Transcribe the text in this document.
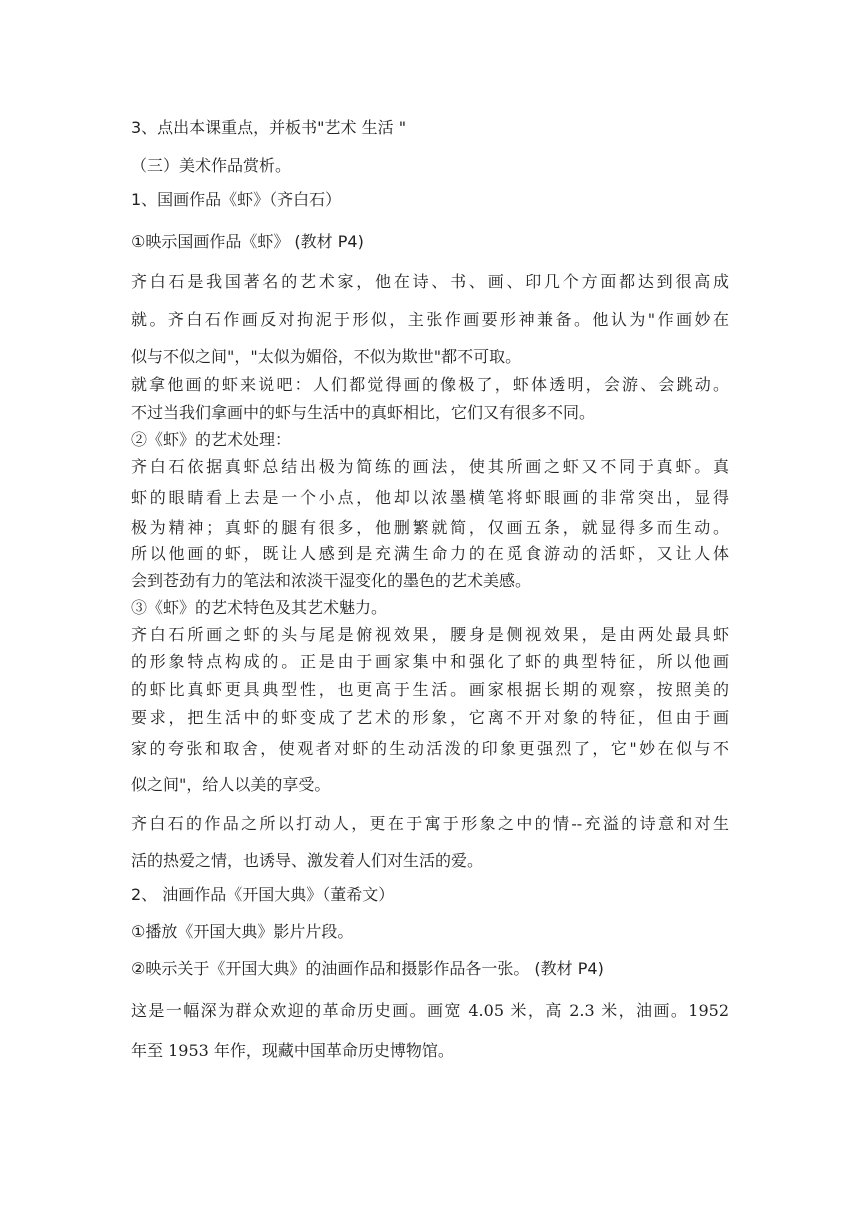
3、点出本课重点，并板书"艺术 生活 "

（三）美术作品赏析。

1、国画作品《虾》（齐白石）

①映示国画作品《虾》 (教材 P4)

齐白石是我国著名的艺术家，他在诗、书、画、印几个方面都达到很高成

就。齐白石作画反对拘泥于形似，主张作画要形神兼备。他认为"作画妙在

似与不似之间"，"太似为媚俗，不似为欺世"都不可取。

就拿他画的虾来说吧：人们都觉得画的像极了，虾体透明，会游、会跳动。

不过当我们拿画中的虾与生活中的真虾相比，它们又有很多不同。

②《虾》的艺术处理：

齐白石依据真虾总结出极为简练的画法，使其所画之虾又不同于真虾。真

虾的眼睛看上去是一个小点，他却以浓墨横笔将虾眼画的非常突出，显得

极为精神；真虾的腿有很多，他删繁就简，仅画五条，就显得多而生动。

所以他画的虾，既让人感到是充满生命力的在觅食游动的活虾，又让人体

会到苍劲有力的笔法和浓淡干湿变化的墨色的艺术美感。

③《虾》的艺术特色及其艺术魅力。

齐白石所画之虾的头与尾是俯视效果，腰身是侧视效果，是由两处最具虾

的形象特点构成的。正是由于画家集中和强化了虾的典型特征，所以他画

的虾比真虾更具典型性，也更高于生活。画家根据长期的观察，按照美的

要求，把生活中的虾变成了艺术的形象，它离不开对象的特征，但由于画

家的夸张和取舍，使观者对虾的生动活泼的印象更强烈了，它"妙在似与不

似之间"，给人以美的享受。

齐白石的作品之所以打动人，更在于寓于形象之中的情--充溢的诗意和对生

活的热爱之情，也诱导、激发着人们对生活的爱。

2、 油画作品《开国大典》（董希文）

①播放《开国大典》影片片段。

②映示关于《开国大典》的油画作品和摄影作品各一张。 (教材 P4)

这是一幅深为群众欢迎的革命历史画。画宽 4.05 米，高 2.3 米，油画。1952

年至 1953 年作，现藏中国革命历史博物馆。
